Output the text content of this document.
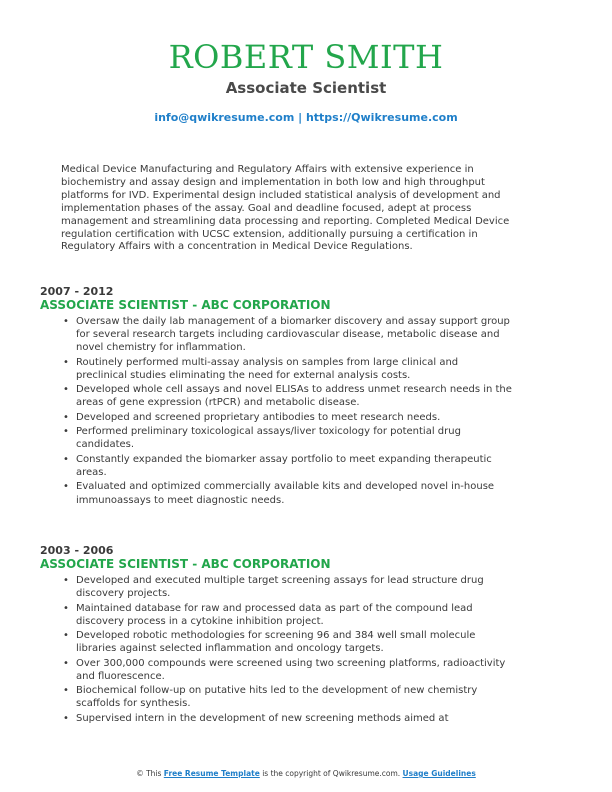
ROBERT SMITH
Associate Scientist
info@qwikresume.com | https://Qwikresume.com
Medical Device Manufacturing and Regulatory Affairs with extensive experience in biochemistry and assay design and implementation in both low and high throughput platforms for IVD. Experimental design included statistical analysis of development and implementation phases of the assay. Goal and deadline focused, adept at process management and streamlining data processing and reporting. Completed Medical Device regulation certification with UCSC extension, additionally pursuing a certification in Regulatory Affairs with a concentration in Medical Device Regulations.
2007 - 2012
ASSOCIATE SCIENTIST - ABC CORPORATION
• Oversaw the daily lab management of a biomarker discovery and assay support group for several research targets including cardiovascular disease, metabolic disease and novel chemistry for inflammation.
• Routinely performed multi-assay analysis on samples from large clinical and preclinical studies eliminating the need for external analysis costs.
• Developed whole cell assays and novel ELISAs to address unmet research needs in the areas of gene expression (rtPCR) and metabolic disease.
• Developed and screened proprietary antibodies to meet research needs.
• Performed preliminary toxicological assays/liver toxicology for potential drug candidates.
• Constantly expanded the biomarker assay portfolio to meet expanding therapeutic areas.
• Evaluated and optimized commercially available kits and developed novel in-house immunoassays to meet diagnostic needs.
2003 - 2006
ASSOCIATE SCIENTIST - ABC CORPORATION
• Developed and executed multiple target screening assays for lead structure drug discovery projects.
• Maintained database for raw and processed data as part of the compound lead discovery process in a cytokine inhibition project.
• Developed robotic methodologies for screening 96 and 384 well small molecule libraries against selected inflammation and oncology targets.
• Over 300,000 compounds were screened using two screening platforms, radioactivity and fluorescence.
• Biochemical follow-up on putative hits led to the development of new chemistry scaffolds for synthesis.
• Supervised intern in the development of new screening methods aimed at
© This Free Resume Template is the copyright of Qwikresume.com. Usage Guidelines
